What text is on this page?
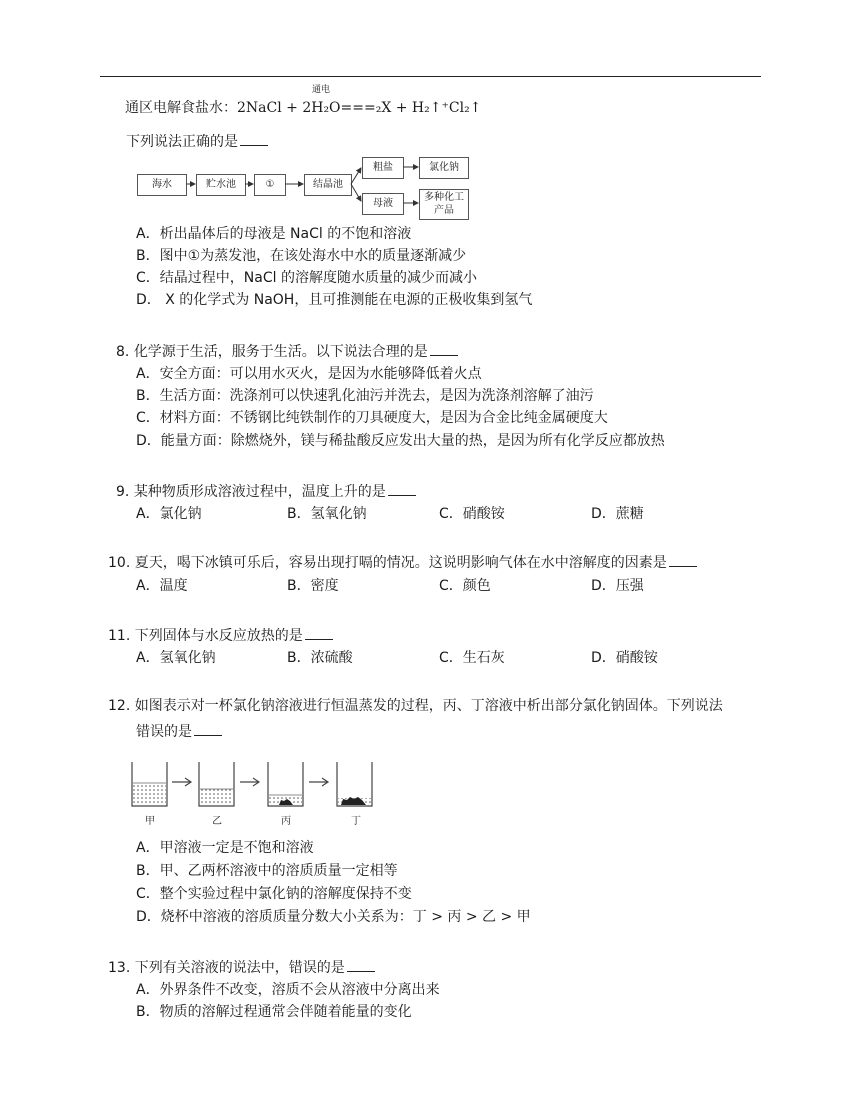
通电
通区电解食盐水：2NaCl + 2H₂O===₂X + H₂↑⁺Cl₂↑
下列说法正确的是
海水	贮水池	①	结晶池
粗盐
母液
氯化钠
多种化工产品
A．析出晶体后的母液是 NaCl 的不饱和溶液
B．图中①为蒸发池，在该处海水中水的质量逐渐减少
C．结晶过程中，NaCl 的溶解度随水质量的减少而减小
D． X 的化学式为 NaOH，且可推测能在电源的正极收集到氢气
8. 化学源于生活，服务于生活。以下说法合理的是
A．安全方面：可以用水灭火，是因为水能够降低着火点
B．生活方面：洗涤剂可以快速乳化油污并洗去，是因为洗涤剂溶解了油污
C．材料方面：不锈钢比纯铁制作的刀具硬度大，是因为合金比纯金属硬度大
D．能量方面：除燃烧外，镁与稀盐酸反应发出大量的热，是因为所有化学反应都放热
9. 某种物质形成溶液过程中，温度上升的是
A．氯化钠	B．氢氧化钠	C．硝酸铵	D．蔗糖
10. 夏天，喝下冰镇可乐后，容易出现打嗝的情况。这说明影响气体在水中溶解度的因素是
A．温度	B．密度	C．颜色	D．压强
11. 下列固体与水反应放热的是
A．氢氧化钠	B．浓硫酸	C．生石灰	D．硝酸铵
12. 如图表示对一杯氯化钠溶液进行恒温蒸发的过程，丙、丁溶液中析出部分氯化钠固体。下列说法
错误的是
甲	乙	丙	丁
A．甲溶液一定是不饱和溶液
B．甲、乙两杯溶液中的溶质质量一定相等
C．整个实验过程中氯化钠的溶解度保持不变
D．烧杯中溶液的溶质质量分数大小关系为：丁 > 丙 > 乙 > 甲
13. 下列有关溶液的说法中，错误的是
A．外界条件不改变，溶质不会从溶液中分离出来
B．物质的溶解过程通常会伴随着能量的变化
